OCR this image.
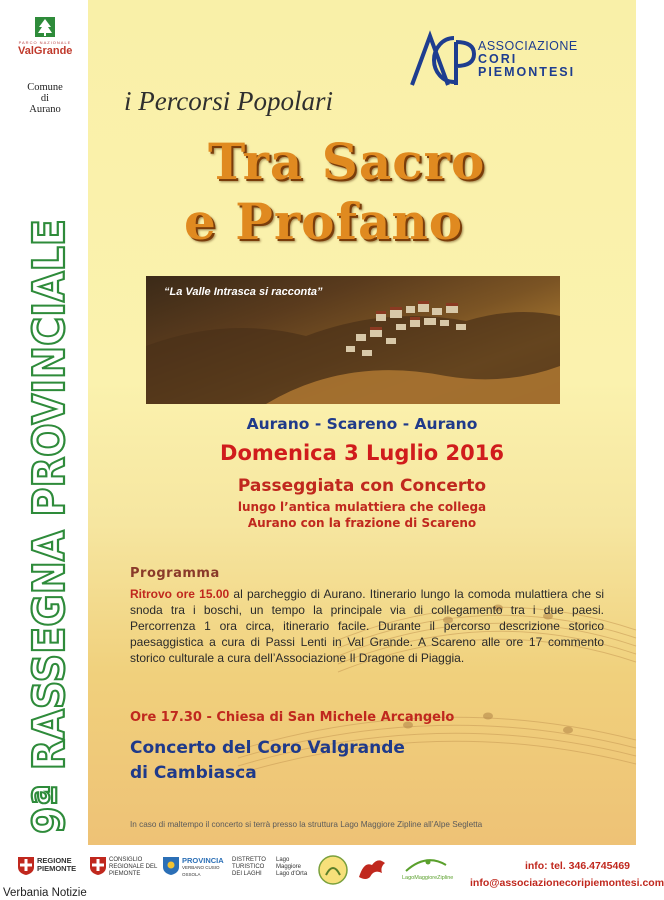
PARCO NAZIONALE
ValGrande
Comune
di
Aurano
9ª RASSEGNA PROVINCIALE
ASSOCIAZIONE
CORI
PIEMONTESI
i Percorsi Popolari
Tra Sacro
e Profano
“La Valle Intrasca si racconta”
Aurano - Scareno - Aurano
Domenica 3 Luglio 2016
Passeggiata con Concerto
lungo l’antica mulattiera che collega
Aurano con la frazione di Scareno
Programma
Ritrovo ore 15.00 al parcheggio di Aurano. Itinerario lungo la comoda mulattiera che si snoda tra i boschi, un tempo la principale via di collegamento tra i due paesi. Percorrenza 1 ora circa, itinerario facile. Durante il percorso descrizione storico paesaggistica a cura di Passi Lenti in Val Grande. A Scareno alle ore 17 commento storico culturale a cura dell’Associazione Il Dragone di Piaggia.
Ore 17.30 - Chiesa di San Michele Arcangelo
Concerto del Coro Valgrande
di Cambiasca
In caso di maltempo il concerto si terrà presso la struttura Lago Maggiore Zipline all’Alpe Segletta
REGIONE
PIEMONTE
CONSIGLIO
REGIONALE DEL PIEMONTE
PROVINCIA
VERBANO CUSIO OSSOLA
DISTRETTO
TURISTICO DEI LAGHI
Lago Maggiore
Lago d'Orta
LagoMaggioreZipline
info: tel. 346.4745469
info@associazionecoripiemontesi.com
Verbania Notizie
